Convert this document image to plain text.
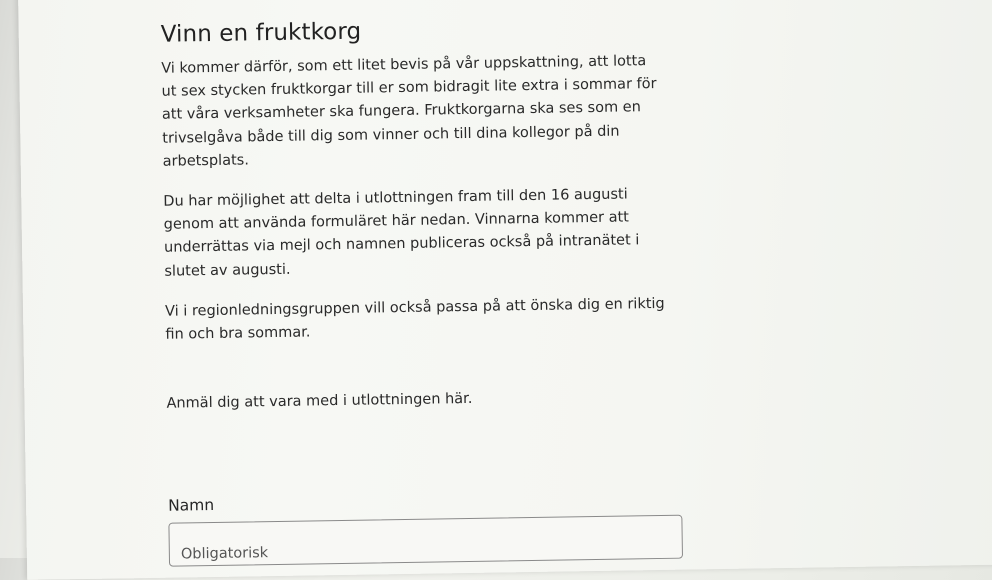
Vinn en fruktkorg

Vi kommer därför, som ett litet bevis på vår uppskattning, att lotta ut sex stycken fruktkorgar till er som bidragit lite extra i sommar för att våra verksamheter ska fungera. Fruktkorgarna ska ses som en trivselgåva både till dig som vinner och till dina kollegor på din arbetsplats.

Du har möjlighet att delta i utlottningen fram till den 16 augusti genom att använda formuläret här nedan. Vinnarna kommer att underrättas via mejl och namnen publiceras också på intranätet i slutet av augusti.

Vi i regionledningsgruppen vill också passa på att önska dig en riktig fin och bra sommar.

Anmäl dig att vara med i utlottningen här.

Namn
Obligatorisk
